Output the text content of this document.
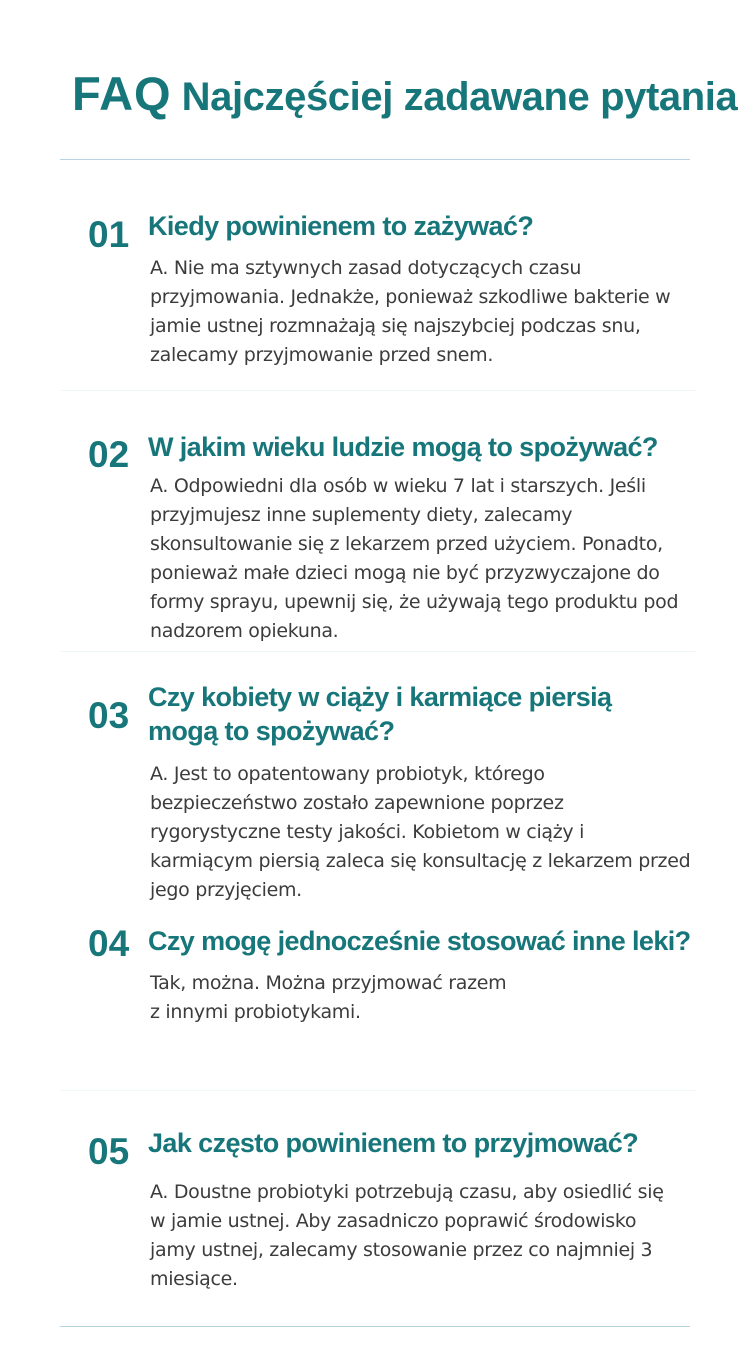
FAQ Najczęściej zadawane pytania
01 Kiedy powinienem to zażywać?

A. Nie ma sztywnych zasad dotyczących czasu
przyjmowania. Jednakże, ponieważ szkodliwe bakterie w
jamie ustnej rozmnażają się najszybciej podczas snu,
zalecamy przyjmowanie przed snem.

02 W jakim wieku ludzie mogą to spożywać?

A. Odpowiedni dla osób w wieku 7 lat i starszych. Jeśli
przyjmujesz inne suplementy diety, zalecamy
skonsultowanie się z lekarzem przed użyciem. Ponadto,
ponieważ małe dzieci mogą nie być przyzwyczajone do
formy sprayu, upewnij się, że używają tego produktu pod
nadzorem opiekuna.

03 Czy kobiety w ciąży i karmiące piersią
mogą to spożywać?

A. Jest to opatentowany probiotyk, którego
bezpieczeństwo zostało zapewnione poprzez
rygorystyczne testy jakości. Kobietom w ciąży i
karmiącym piersią zaleca się konsultację z lekarzem przed
jego przyjęciem.

04 Czy mogę jednocześnie stosować inne leki?

Tak, można. Można przyjmować razem
z innymi probiotykami.

05 Jak często powinienem to przyjmować?

A. Doustne probiotyki potrzebują czasu, aby osiedlić się
w jamie ustnej. Aby zasadniczo poprawić środowisko
jamy ustnej, zalecamy stosowanie przez co najmniej 3
miesiące.
